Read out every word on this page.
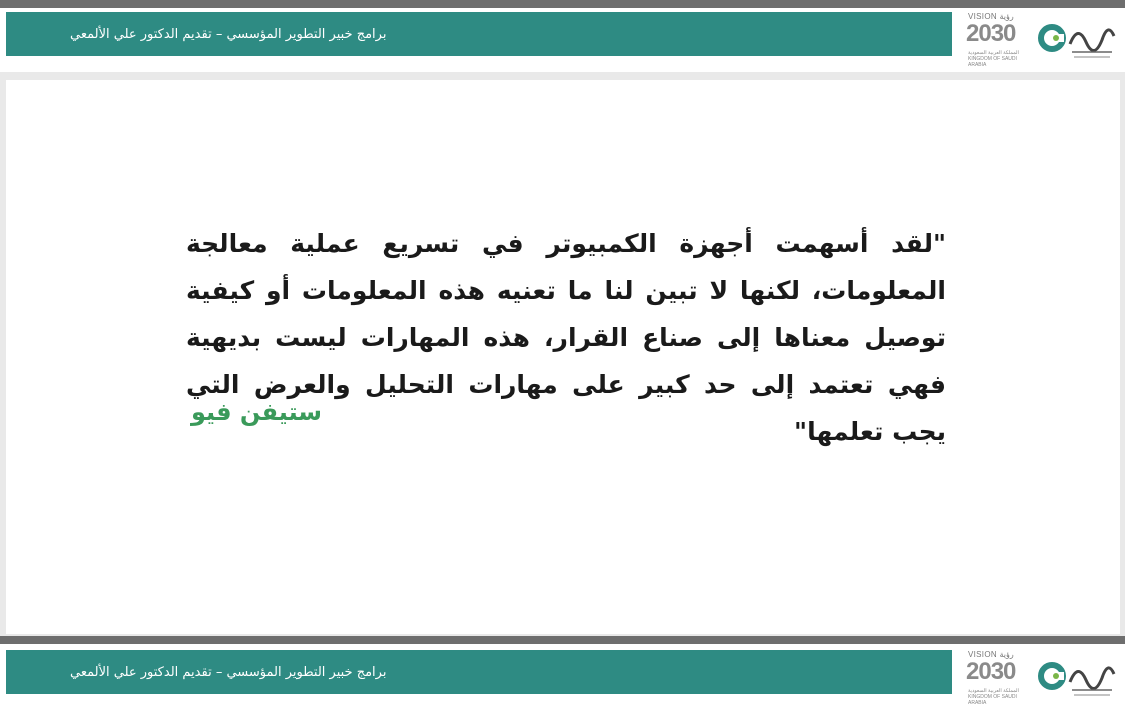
برامج خبير التطوير المؤسسي – تقديم الدكتور علي الألمعي
VISION رؤية
2030
المملكة العربية السعودية KINGDOM OF SAUDI ARABIA
"لقد أسهمت أجهزة الكمبيوتر في تسريع عملية معالجة المعلومات، لكنها لا تبين لنا ما تعنيه هذه المعلومات أو كيفية توصيل معناها إلى صناع القرار، هذه المهارات ليست بديهية فهي تعتمد إلى حد كبير على مهارات التحليل والعرض التي يجب تعلمها"
ستيفن فيو
برامج خبير التطوير المؤسسي – تقديم الدكتور علي الألمعي
VISION رؤية
2030
المملكة العربية السعودية KINGDOM OF SAUDI ARABIA
